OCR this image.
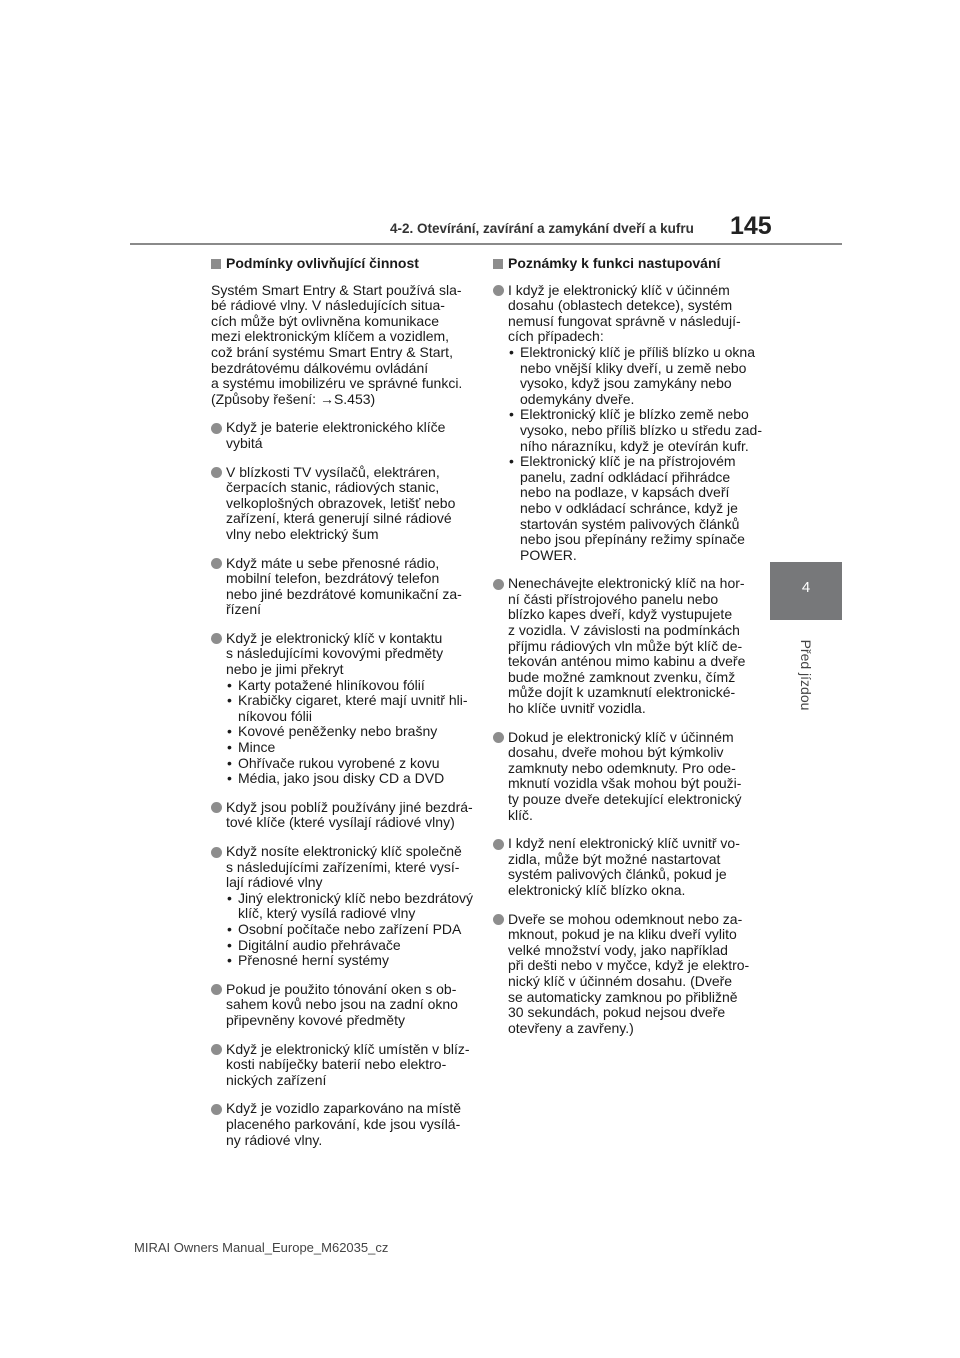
4-2. Otevírání, zavírání a zamykání dveří a kufru 145
4
Před jízdou
Podmínky ovlivňující činnost
Systém Smart Entry & Start používá sla-
bé rádiové vlny. V následujících situa-
cích může být ovlivněna komunikace
mezi elektronickým klíčem a vozidlem,
což brání systému Smart Entry & Start,
bezdrátovému dálkovému ovládání
a systému imobilizéru ve správné funkci.
(Způsoby řešení: →S.453)
Když je baterie elektronického klíče
vybitá
V blízkosti TV vysílačů, elektráren,
čerpacích stanic, rádiových stanic,
velkoplošných obrazovek, letišť nebo
zařízení, která generují silné rádiové
vlny nebo elektrický šum
Když máte u sebe přenosné rádio,
mobilní telefon, bezdrátový telefon
nebo jiné bezdrátové komunikační za-
řízení
Když je elektronický klíč v kontaktu
s následujícími kovovými předměty
nebo je jimi překryt
• Karty potažené hliníkovou fólií
• Krabičky cigaret, které mají uvnitř hli-
níkovou fólii
• Kovové peněženky nebo brašny
• Mince
• Ohřívače rukou vyrobené z kovu
• Média, jako jsou disky CD a DVD
Když jsou poblíž používány jiné bezdrá-
tové klíče (které vysílají rádiové vlny)
Když nosíte elektronický klíč společně
s následujícími zařízeními, které vysí-
lají rádiové vlny
• Jiný elektronický klíč nebo bezdrátový
klíč, který vysílá radiové vlny
• Osobní počítače nebo zařízení PDA
• Digitální audio přehrávače
• Přenosné herní systémy
Pokud je použito tónování oken s ob-
sahem kovů nebo jsou na zadní okno
připevněny kovové předměty
Když je elektronický klíč umístěn v blíz-
kosti nabíječky baterií nebo elektro-
nických zařízení
Když je vozidlo zaparkováno na místě
placeného parkování, kde jsou vysílá-
ny rádiové vlny.
Poznámky k funkci nastupování
I když je elektronický klíč v účinném
dosahu (oblastech detekce), systém
nemusí fungovat správně v následují-
cích případech:
• Elektronický klíč je příliš blízko u okna
nebo vnější kliky dveří, u země nebo
vysoko, když jsou zamykány nebo
odemykány dveře.
• Elektronický klíč je blízko země nebo
vysoko, nebo příliš blízko u středu zad-
ního nárazníku, když je otevírán kufr.
• Elektronický klíč je na přístrojovém
panelu, zadní odkládací přihrádce
nebo na podlaze, v kapsách dveří
nebo v odkládací schránce, když je
startován systém palivových článků
nebo jsou přepínány režimy spínače
POWER.
Nenechávejte elektronický klíč na hor-
ní části přístrojového panelu nebo
blízko kapes dveří, když vystupujete
z vozidla. V závislosti na podmínkách
příjmu rádiových vln může být klíč de-
tekován anténou mimo kabinu a dveře
bude možné zamknout zvenku, čímž
může dojít k uzamknutí elektronické-
ho klíče uvnitř vozidla.
Dokud je elektronický klíč v účinném
dosahu, dveře mohou být kýmkoliv
zamknuty nebo odemknuty. Pro ode-
mknutí vozidla však mohou být použi-
ty pouze dveře detekující elektronický
klíč.
I když není elektronický klíč uvnitř vo-
zidla, může být možné nastartovat
systém palivových článků, pokud je
elektronický klíč blízko okna.
Dveře se mohou odemknout nebo za-
mknout, pokud je na kliku dveří vylito
velké množství vody, jako například
při dešti nebo v myčce, když je elektro-
nický klíč v účinném dosahu. (Dveře
se automaticky zamknou po přibližně
30 sekundách, pokud nejsou dveře
otevřeny a zavřeny.)
MIRAI Owners Manual_Europe_M62035_cz
